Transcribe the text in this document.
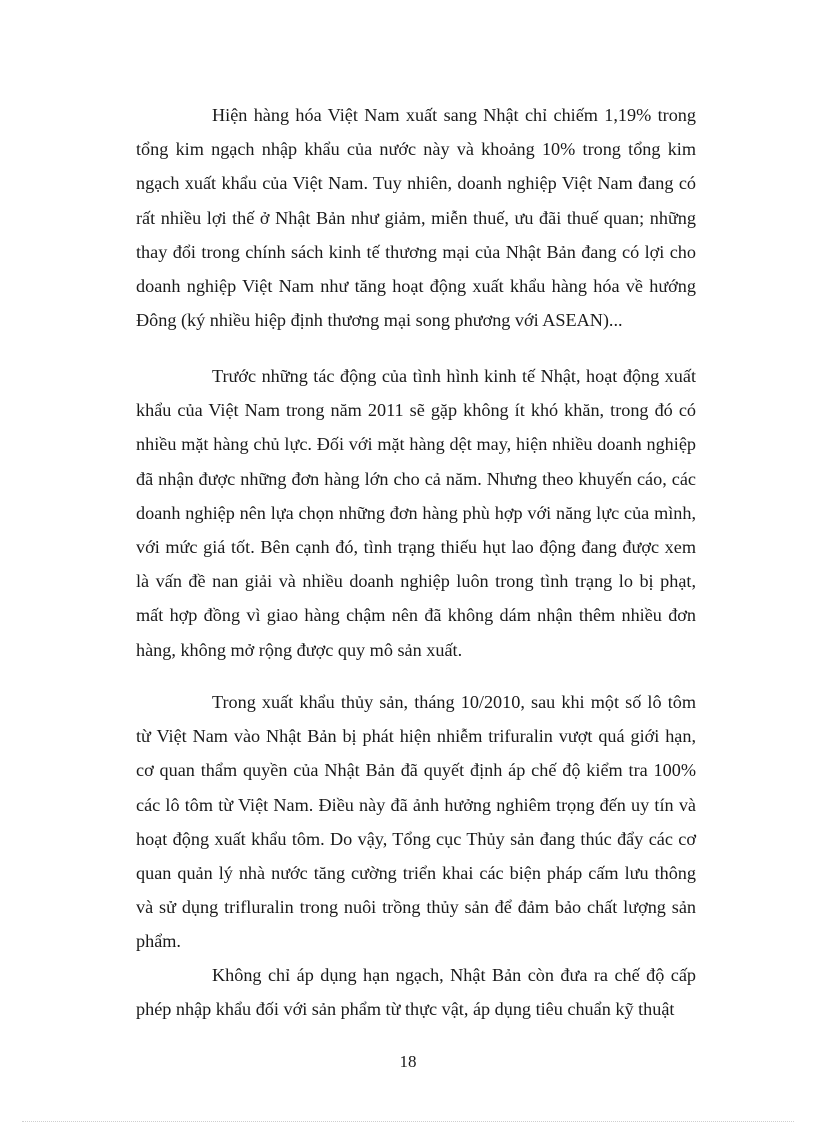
Hiện hàng hóa Việt Nam xuất sang Nhật chỉ chiếm 1,19% trong tổng kim ngạch nhập khẩu của nước này và khoảng 10% trong tổng kim ngạch xuất khẩu của Việt Nam. Tuy nhiên, doanh nghiệp Việt Nam đang có rất nhiều lợi thế ở Nhật Bản như giảm, miễn thuế, ưu đãi thuế quan; những thay đổi trong chính sách kinh tế thương mại của Nhật Bản đang có lợi cho doanh nghiệp Việt Nam như tăng hoạt động xuất khẩu hàng hóa về hướng Đông (ký nhiều hiệp định thương mại song phương với ASEAN)...

Trước những tác động của tình hình kinh tế Nhật, hoạt động xuất khẩu của Việt Nam trong năm 2011 sẽ gặp không ít khó khăn, trong đó có nhiều mặt hàng chủ lực. Đối với mặt hàng dệt may, hiện nhiều doanh nghiệp đã nhận được những đơn hàng lớn cho cả năm. Nhưng theo khuyến cáo, các doanh nghiệp nên lựa chọn những đơn hàng phù hợp với năng lực của mình, với mức giá tốt. Bên cạnh đó, tình trạng thiếu hụt lao động đang được xem là vấn đề nan giải và nhiều doanh nghiệp luôn trong tình trạng lo bị phạt, mất hợp đồng vì giao hàng chậm nên đã không dám nhận thêm nhiều đơn hàng, không mở rộng được quy mô sản xuất.

Trong xuất khẩu thủy sản, tháng 10/2010, sau khi một số lô tôm từ Việt Nam vào Nhật Bản bị phát hiện nhiễm trifuralin vượt quá giới hạn, cơ quan thẩm quyền của Nhật Bản đã quyết định áp chế độ kiểm tra 100% các lô tôm từ Việt Nam. Điều này đã ảnh hưởng nghiêm trọng đến uy tín và hoạt động xuất khẩu tôm. Do vậy, Tổng cục Thủy sản đang thúc đẩy các cơ quan quản lý nhà nước tăng cường triển khai các biện pháp cấm lưu thông và sử dụng trifluralin trong nuôi trồng thủy sản để đảm bảo chất lượng sản phẩm.

Không chỉ áp dụng hạn ngạch, Nhật Bản còn đưa ra chế độ cấp phép nhập khẩu đối với sản phẩm từ thực vật, áp dụng tiêu chuẩn kỹ thuật

18
